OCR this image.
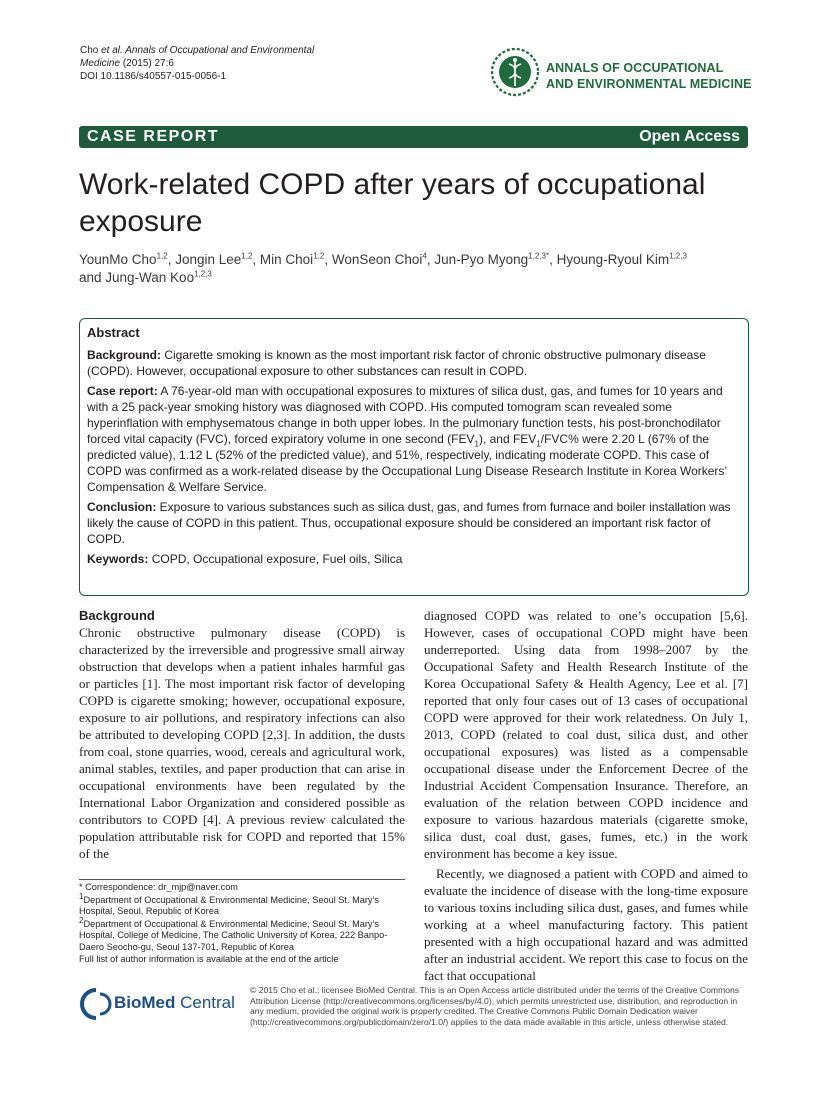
Cho et al. Annals of Occupational and Environmental
Medicine (2015) 27:6
DOI 10.1186/s40557-015-0056-1
ANNALS OF OCCUPATIONAL
AND ENVIRONMENTAL MEDICINE
CASE REPORT	Open Access
Work-related COPD after years of occupational
exposure
YounMo Cho$^{1,2}$, Jongin Lee$^{1,2}$, Min Choi$^{1,2}$, WonSeon Choi$^4$, Jun-Pyo Myong$^{1,2,3*}$, Hyoung-Ryoul Kim$^{1,2,3}$
and Jung-Wan Koo$^{1,2,3}$
Abstract

Background: Cigarette smoking is known as the most important risk factor of chronic obstructive pulmonary disease (COPD). However, occupational exposure to other substances can result in COPD.

Case report: A 76-year-old man with occupational exposures to mixtures of silica dust, gas, and fumes for 10 years and with a 25 pack-year smoking history was diagnosed with COPD. His computed tomogram scan revealed some hyperinflation with emphysematous change in both upper lobes. In the pulmonary function tests, his post-bronchodilator forced vital capacity (FVC), forced expiratory volume in one second $(FEV_1)$, and $FEV_1/FVC\%$ were 2.20 L (67% of the predicted value), 1.12 L (52% of the predicted value), and 51%, respectively, indicating moderate COPD. This case of COPD was confirmed as a work-related disease by the Occupational Lung Disease Research Institute in Korea Workers’ Compensation & Welfare Service.

Conclusion: Exposure to various substances such as silica dust, gas, and fumes from furnace and boiler installation was likely the cause of COPD in this patient. Thus, occupational exposure should be considered an important risk factor of COPD.

Keywords: COPD, Occupational exposure, Fuel oils, Silica

Background

Chronic obstructive pulmonary disease (COPD) is characterized by the irreversible and progressive small airway obstruction that develops when a patient inhales harmful gas or particles [1]. The most important risk factor of developing COPD is cigarette smoking; however, occupational exposure, exposure to air pollutions, and respiratory infections can also be attributed to developing COPD [2,3]. In addition, the dusts from coal, stone quarries, wood, cereals and agricultural work, animal stables, textiles, and paper production that can arise in occupational environments have been regulated by the International Labor Organization and considered possible as contributors to COPD [4]. A previous review calculated the population attributable risk for COPD and reported that 15% of the

diagnosed COPD was related to one’s occupation [5,6]. However, cases of occupational COPD might have been underreported. Using data from 1998–2007 by the Occupational Safety and Health Research Institute of the Korea Occupational Safety & Health Agency, Lee et al. [7] reported that only four cases out of 13 cases of occupational COPD were approved for their work relatedness. On July 1, 2013, COPD (related to coal dust, silica dust, and other occupational exposures) was listed as a compensable occupational disease under the Enforcement Decree of the Industrial Accident Compensation Insurance. Therefore, an evaluation of the relation between COPD incidence and exposure to various hazardous materials (cigarette smoke, silica dust, coal dust, gases, fumes, etc.) in the work environment has become a key issue.

Recently, we diagnosed a patient with COPD and aimed to evaluate the incidence of disease with the long-time exposure to various toxins including silica dust, gases, and fumes while working at a wheel manufacturing factory. This patient presented with a high occupational hazard and was admitted after an industrial accident. We report this case to focus on the fact that occupational

* Correspondence: dr_mjp@naver.com

$^1$Department of Occupational & Environmental Medicine, Seoul St. Mary’s Hospital, Seoul, Republic of Korea

$^2$Department of Occupational & Environmental Medicine, Seoul St. Mary’s Hospital, College of Medicine, The Catholic University of Korea, 222 Banpo-Daero Seocho-gu, Seoul 137-701, Republic of Korea

Full list of author information is available at the end of the article

BioMed Central
© 2015 Cho et al.; licensee BioMed Central. This is an Open Access article distributed under the terms of the Creative Commons Attribution License (http://creativecommons.org/licenses/by/4.0), which permits unrestricted use, distribution, and reproduction in any medium, provided the original work is properly credited. The Creative Commons Public Domain Dedication waiver (http://creativecommons.org/publicdomain/zero/1.0/) applies to the data made available in this article, unless otherwise stated.
